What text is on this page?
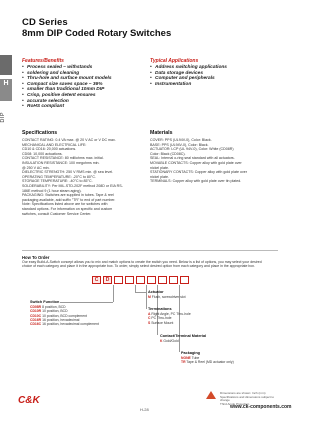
CD Series
8mm DIP Coded Rotary Switches
H
DIP
Features/Benefits
• Process sealed – withstands
• soldering and cleaning
• Thru-hole and surface mount models
• Compact size saves space – 36%
• smaller than traditional 10mm DIP
• Crisp, positive detent ensures
• accurate selection
• RoHS compliant
Typical Applications
• Address switching applications
• Data storage devices
• Computer and peripherals
• Instrumentation
Specifications

CONTACT RATING: 0.4 VA max. @ 20 V AC or V DC max.

MECHANICAL AND ELECTRICAL LIFE:

CD10 & CD16: 20,000 actuations.

CD08: 10,000 actuations.

CONTACT RESISTANCE: 80 milliohms max. initial.

INSULATION RESISTANCE: 100 megohms min.

@ 250 V AC min.

DIELECTRIC STRENGTH: 250 V RMS min. @ sea level.

OPERATING TEMPERATURE: -20°C to 80°C.

STORAGE TEMPERATURE: -40°C to 85°C.

SOLDERABILITY: Per MIL-STD-202F method 208D or EIA RS-

186E method 9 (1 hour steam aging).

PACKAGING: Switches are supplied in tubes. Tape & reel

packaging available, add suffix "TR" to end of part number.

Note: Specifications listed above are for switches with

standard options. For information on specific and custom

switches, consult Customer Service Center.

Materials

COVER: PPS (UL94V-0), Color: Black.

BASE: PPS (UL94V-0), Color: Black.

ACTUATOR: LCP (UL 94V-0), Color: White (CD08R)

Color: Black (CD08C).

SEAL: Internal o-ring seal standard with all actuators.

MOVABLE CONTACTS: Copper alloy with gold plate over

nickel plate.

STATIONARY CONTACTS: Copper alloy with gold plate over

nickel plate.

TERMINALS: Copper alloy with gold plate over tin plated.

How To Order
Our easy Build-A-Switch concept allows you to mix and match options to create the switch you need. Below is a list of options, you may select your desired choice of each category and place it in the appropriate box. To order, simply select desired option from each category and place in the appropriate box.
C	D
Switch Function
CD08R 8 position, BCD
CD10R 10 position, BCD
CD10C 10 position, BCD complement
CD16R 16 position, hexadecimal
CD16C 16 position, hexadecimal complement
Actuator
M Flush, screwdriver slot
Terminations
A Right Angle, PC Thru-hole
C PC Thru-hole
S Surface Mount
Contact/Terminal Material
K Gold/Gold
Packaging
NONE Tube
TR Tape & Reel (MD actuator only)
C&K
Dimensions are shown: Inch (mm) Specifications and dimensions subject to change
Third Angle Projection
H-28	www.ck-components.com
